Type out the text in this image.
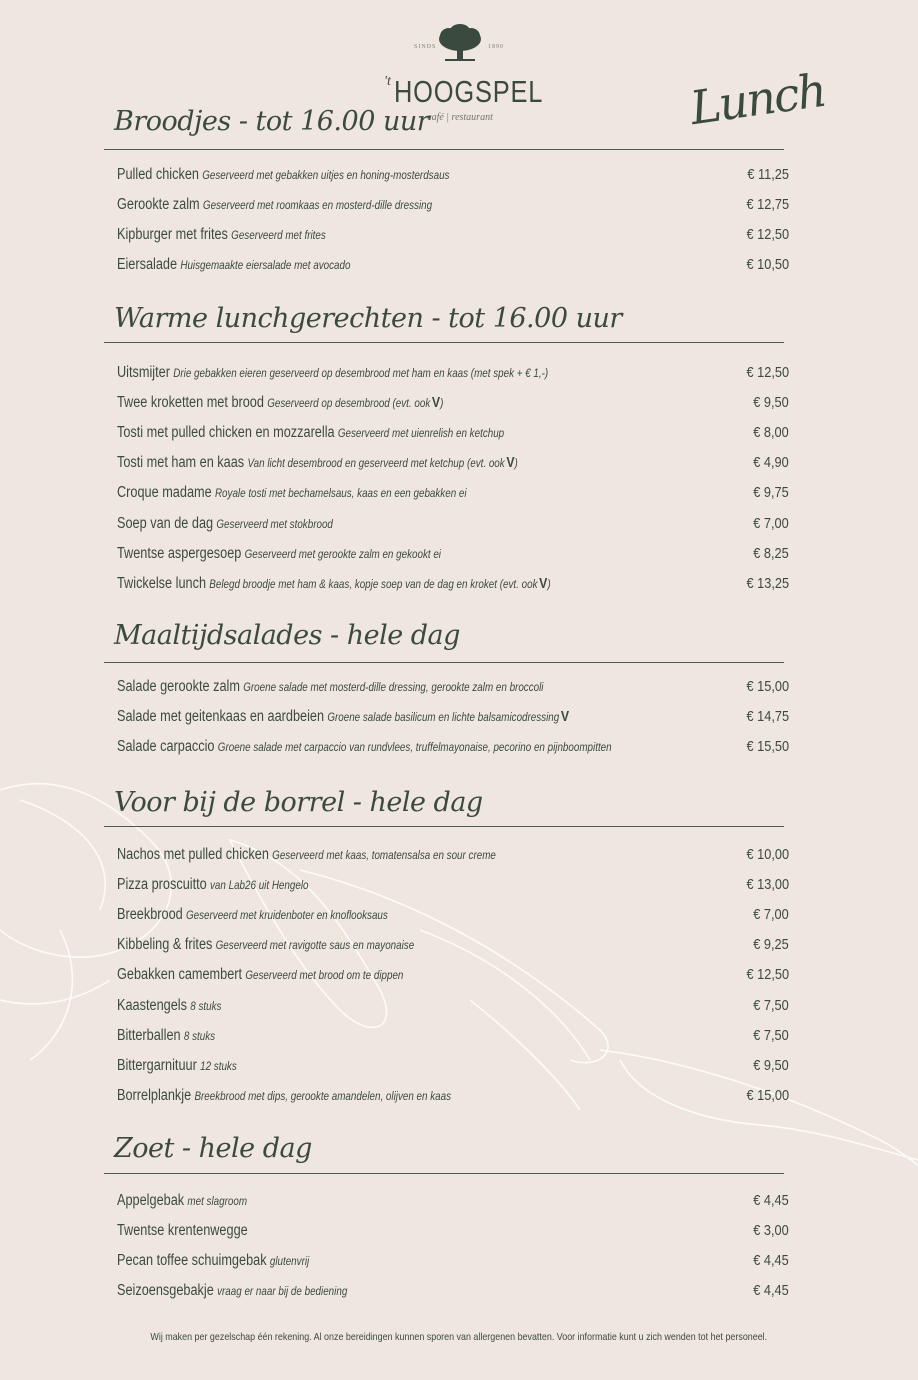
SINDS	1890
't HOOGSPEL
café | restaurant	Lunch
Broodjes - tot 16.00 uur
Pulled chicken Geserveerd met gebakken uitjes en honing-mosterdsaus	€ 11,25
Gerookte zalm Geserveerd met roomkaas en mosterd-dille dressing	€ 12,75
Kipburger met frites Geserveerd met frites	€ 12,50
Eiersalade Huisgemaakte eiersalade met avocado	€ 10,50
Warme lunchgerechten - tot 16.00 uur
Uitsmijter Drie gebakken eieren geserveerd op desembrood met ham en kaas (met spek + € 1,-)	€ 12,50
Twee kroketten met brood Geserveerd op desembrood (evt. ook V)	€ 9,50
Tosti met pulled chicken en mozzarella Geserveerd met uienrelish en ketchup	€ 8,00
Tosti met ham en kaas Van licht desembrood en geserveerd met ketchup (evt. ook V)	€ 4,90
Croque madame Royale tosti met bechamelsaus, kaas en een gebakken ei	€ 9,75
Soep van de dag Geserveerd met stokbrood	€ 7,00
Twentse aspergesoep Geserveerd met gerookte zalm en gekookt ei	€ 8,25
Twickelse lunch Belegd broodje met ham & kaas, kopje soep van de dag en kroket (evt. ook V)	€ 13,25
Maaltijdsalades - hele dag
Salade gerookte zalm Groene salade met mosterd-dille dressing, gerookte zalm en broccoli	€ 15,00
Salade met geitenkaas en aardbeien Groene salade basilicum en lichte balsamicodressing V	€ 14,75
Salade carpaccio Groene salade met carpaccio van rundvlees, truffelmayonaise, pecorino en pijnboompitten	€ 15,50
Voor bij de borrel - hele dag
Nachos met pulled chicken Geserveerd met kaas, tomatensalsa en sour creme	€ 10,00
Pizza proscuitto van Lab26 uit Hengelo	€ 13,00
Breekbrood Geserveerd met kruidenboter en knoflooksaus	€ 7,00
Kibbeling & frites Geserveerd met ravigotte saus en mayonaise	€ 9,25
Gebakken camembert Geserveerd met brood om te dippen	€ 12,50
Kaastengels 8 stuks	€ 7,50
Bitterballen 8 stuks	€ 7,50
Bittergarnituur 12 stuks	€ 9,50
Borrelplankje Breekbrood met dips, gerookte amandelen, olijven en kaas	€ 15,00
Zoet - hele dag
Appelgebak met slagroom	€ 4,45
Twentse krentenwegge	€ 3,00
Pecan toffee schuimgebak glutenvrij	€ 4,45
Seizoensgebakje vraag er naar bij de bediening	€ 4,45
Wij maken per gezelschap één rekening. Al onze bereidingen kunnen sporen van allergenen bevatten. Voor informatie kunt u zich wenden tot het personeel.
